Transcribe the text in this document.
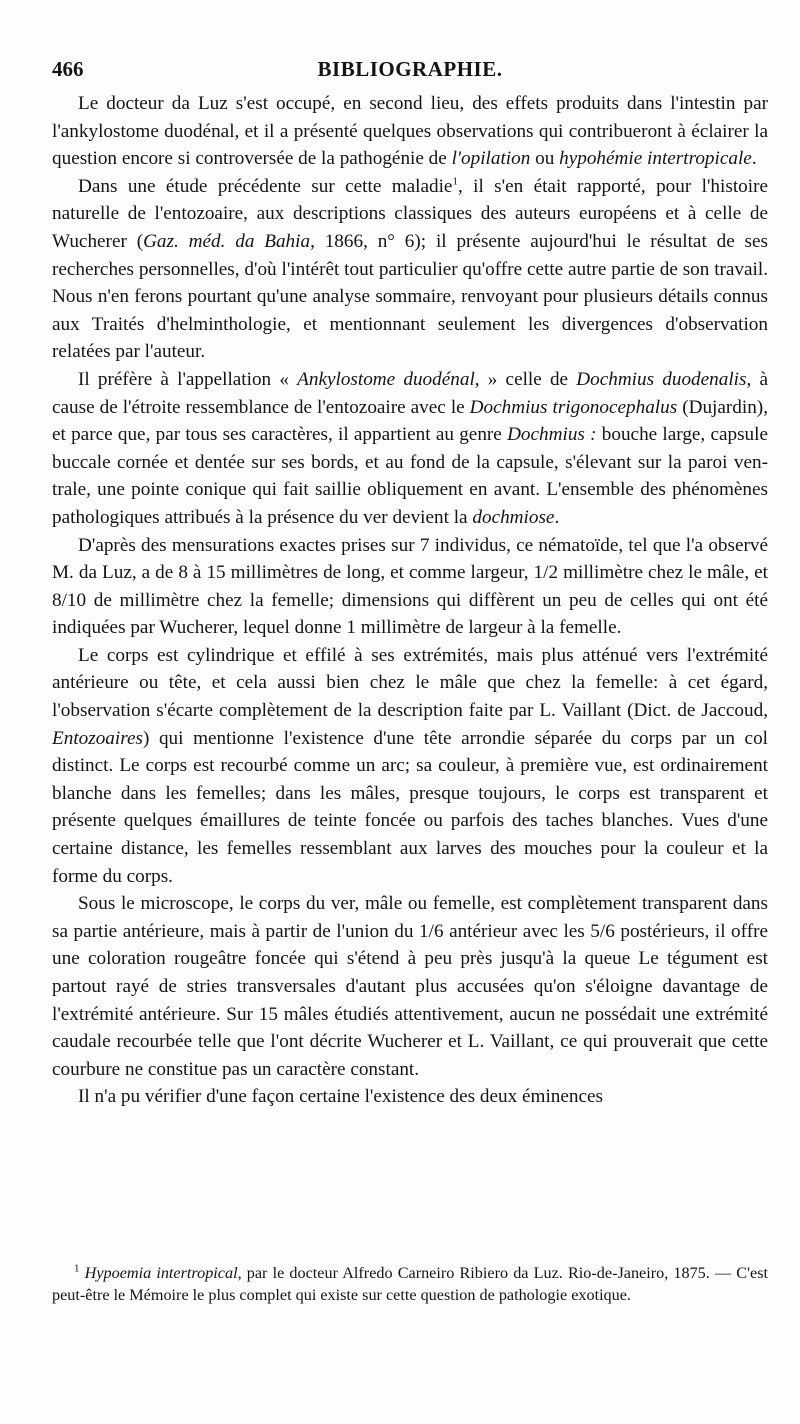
466	BIBLIOGRAPHIE.

Le docteur da Luz s'est occupé, en second lieu, des effets produits dans l'intestin par l'ankylostome duodénal, et il a présenté quelques observations qui contribueront à éclairer la question encore si controversée de la pathogénie de l'opilation ou hypohémie intertropicale.

Dans une étude précédente sur cette maladie$^1$, il s'en était rapporté, pour l'histoire naturelle de l'entozoaire, aux descriptions classiques des auteurs européens et à celle de Wucherer (Gaz. méd. da Bahia, 1866, n° 6); il présente aujourd'hui le résultat de ses recherches personnelles, d'où l'intérêt tout particulier qu'offre cette autre partie de son travail. Nous n'en ferons pourtant qu'une analyse sommaire, renvoyant pour plusieurs détails connus aux Traités d'helminthologie, et mentionnant seulement les divergences d'observation relatées par l'auteur.

Il préfère à l'appellation « Ankylostome duodénal, » celle de Dochmius duodenalis, à cause de l'étroite ressemblance de l'entozoaire avec le Dochmius trigonocephalus (Dujardin), et parce que, par tous ses caractères, il appartient au genre Dochmius : bouche large, capsule buccale cornée et dentée sur ses bords, et au fond de la capsule, s'élevant sur la paroi ventrale, une pointe conique qui fait saillie obliquement en avant. L'ensemble des phénomènes pathologiques attribués à la présence du ver devient la dochmiose.

D'après des mensurations exactes prises sur 7 individus, ce nématoïde, tel que l'a observé M. da Luz, a de 8 à 15 millimètres de long, et comme largeur, 1/2 millimètre chez le mâle, et 8/10 de millimètre chez la femelle; dimensions qui diffèrent un peu de celles qui ont été indiquées par Wucherer, lequel donne 1 millimètre de largeur à la femelle.

Le corps est cylindrique et effilé à ses extrémités, mais plus atténué vers l'extrémité antérieure ou tête, et cela aussi bien chez le mâle que chez la femelle: à cet égard, l'observation s'écarte complètement de la description faite par L. Vaillant (Dict. de Jaccoud, Entozoaires) qui mentionne l'existence d'une tête arrondie séparée du corps par un col distinct. Le corps est recourbé comme un arc; sa couleur, à première vue, est ordinairement blanche dans les femelles; dans les mâles, presque toujours, le corps est transparent et présente quelques émaillures de teinte foncée ou parfois des taches blanches. Vues d'une certaine distance, les femelles ressemblant aux larves des mouches pour la couleur et la forme du corps.

Sous le microscope, le corps du ver, mâle ou femelle, est complètement transparent dans sa partie antérieure, mais à partir de l'union du 1/6 antérieur avec les 5/6 postérieurs, il offre une coloration rougeâtre foncée qui s'étend à peu près jusqu'à la queue Le tégument est partout rayé de stries transversales d'autant plus accusées qu'on s'éloigne davantage de l'extrémité antérieure. Sur 15 mâles étudiés attentivement, aucun ne possédait une extrémité caudale recourbée telle que l'ont décrite Wucherer et L. Vaillant, ce qui prouverait que cette courbure ne constitue pas un caractère constant.

Il n'a pu vérifier d'une façon certaine l'existence des deux éminences

$^1$ Hypoemia intertropical, par le docteur Alfredo Carneiro Ribiero da Luz. Rio-de-Janeiro, 1875. — C'est peut-être le Mémoire le plus complet qui existe sur cette question de pathologie exotique.
